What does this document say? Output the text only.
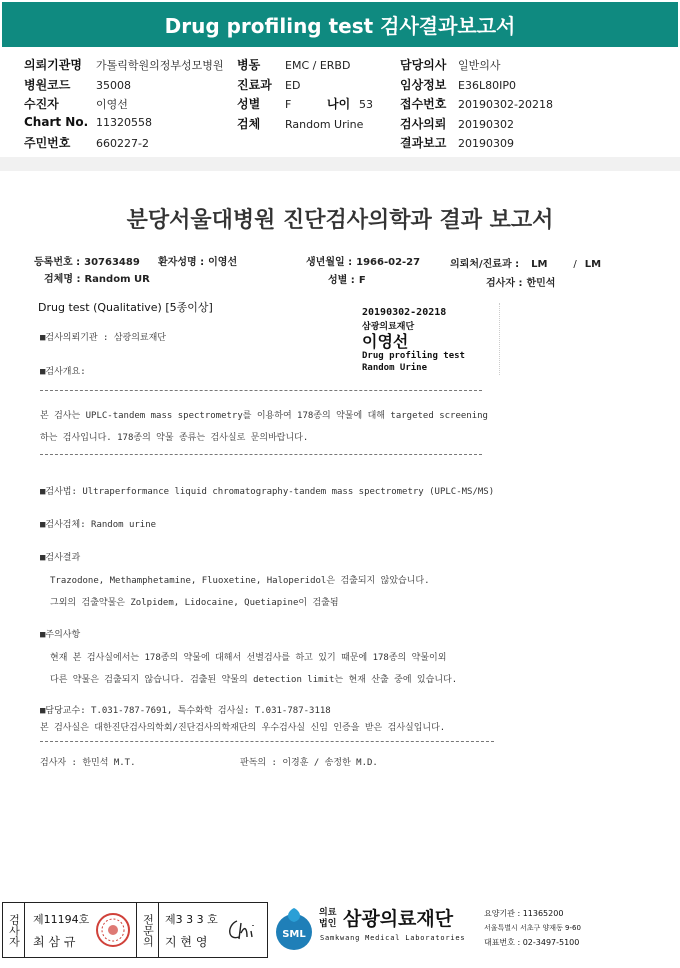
Drug profiling test 검사결과보고서
의뢰기관명 가톨릭학원의정부성모병원
병원코드 35008
수진자	이영선
Chart No. 11320558
주민번호 660227-2
병동 EMC / ERBD
진료과 ED
성별 F	나이 53
검체 Random Urine
담당의사 일반의사
임상정보 E36L80IP0
접수번호 20190302-20218
검사의뢰 20190302
결과보고 20190309
분당서울대병원 진단검사의학과 결과 보고서
등록번호 : 30763489 환자성명 : 이영선	생년월일 : 1966-02-27	의뢰처/진료과 : LM	/ LM
검체명 : Random UR	성별 : F	검사자 : 한민석
Drug test (Qualitative) [5종이상]	20190302-20218
삼광의료재단
이영선
Drug profiling test
Random Urine
■검사의뢰기관 : 삼광의료재단
■검사개요:
본 검사는 UPLC-tandem mass spectrometry를 이용하여 178종의 약물에 대해 targeted screening
하는 검사입니다. 178종의 약물 종류는 검사실로 문의바랍니다.
■검사법: Ultraperformance liquid chromatography-tandem mass spectrometry (UPLC-MS/MS)
■검사검체: Random urine
■검사결과
Trazodone, Methamphetamine, Fluoxetine, Haloperidol은 검출되지 않았습니다.
그외의 검출약물은 Zolpidem, Lidocaine, Quetiapine이 검출됨
■주의사항
현재 본 검사실에서는 178종의 약물에 대해서 선별검사를 하고 있기 때문에 178종의 약물이외
다른 약물은 검출되지 않습니다. 검출된 약물의 detection limit는 현재 산출 중에 있습니다.
■담당교수: T.031-787-7691, 특수화학 검사실: T.031-787-3118
본 검사실은 대한진단검사의학회/진단검사의학재단의 우수검사실 신임 인증을 받은 검사실입니다.
검사자 : 한민석 M.T.	판독의 : 이경훈 / 송정한 M.D.
검사자	제11194호
최 삼 규	전문의 제3 3 3 호
지 현 영
SML
의료
법인 삼광의료재단
Samkwang Medical Laboratories
요양기관 : 11365200
서울특별시 서초구 양재동 9-60
대표번호 : 02-3497-5100
